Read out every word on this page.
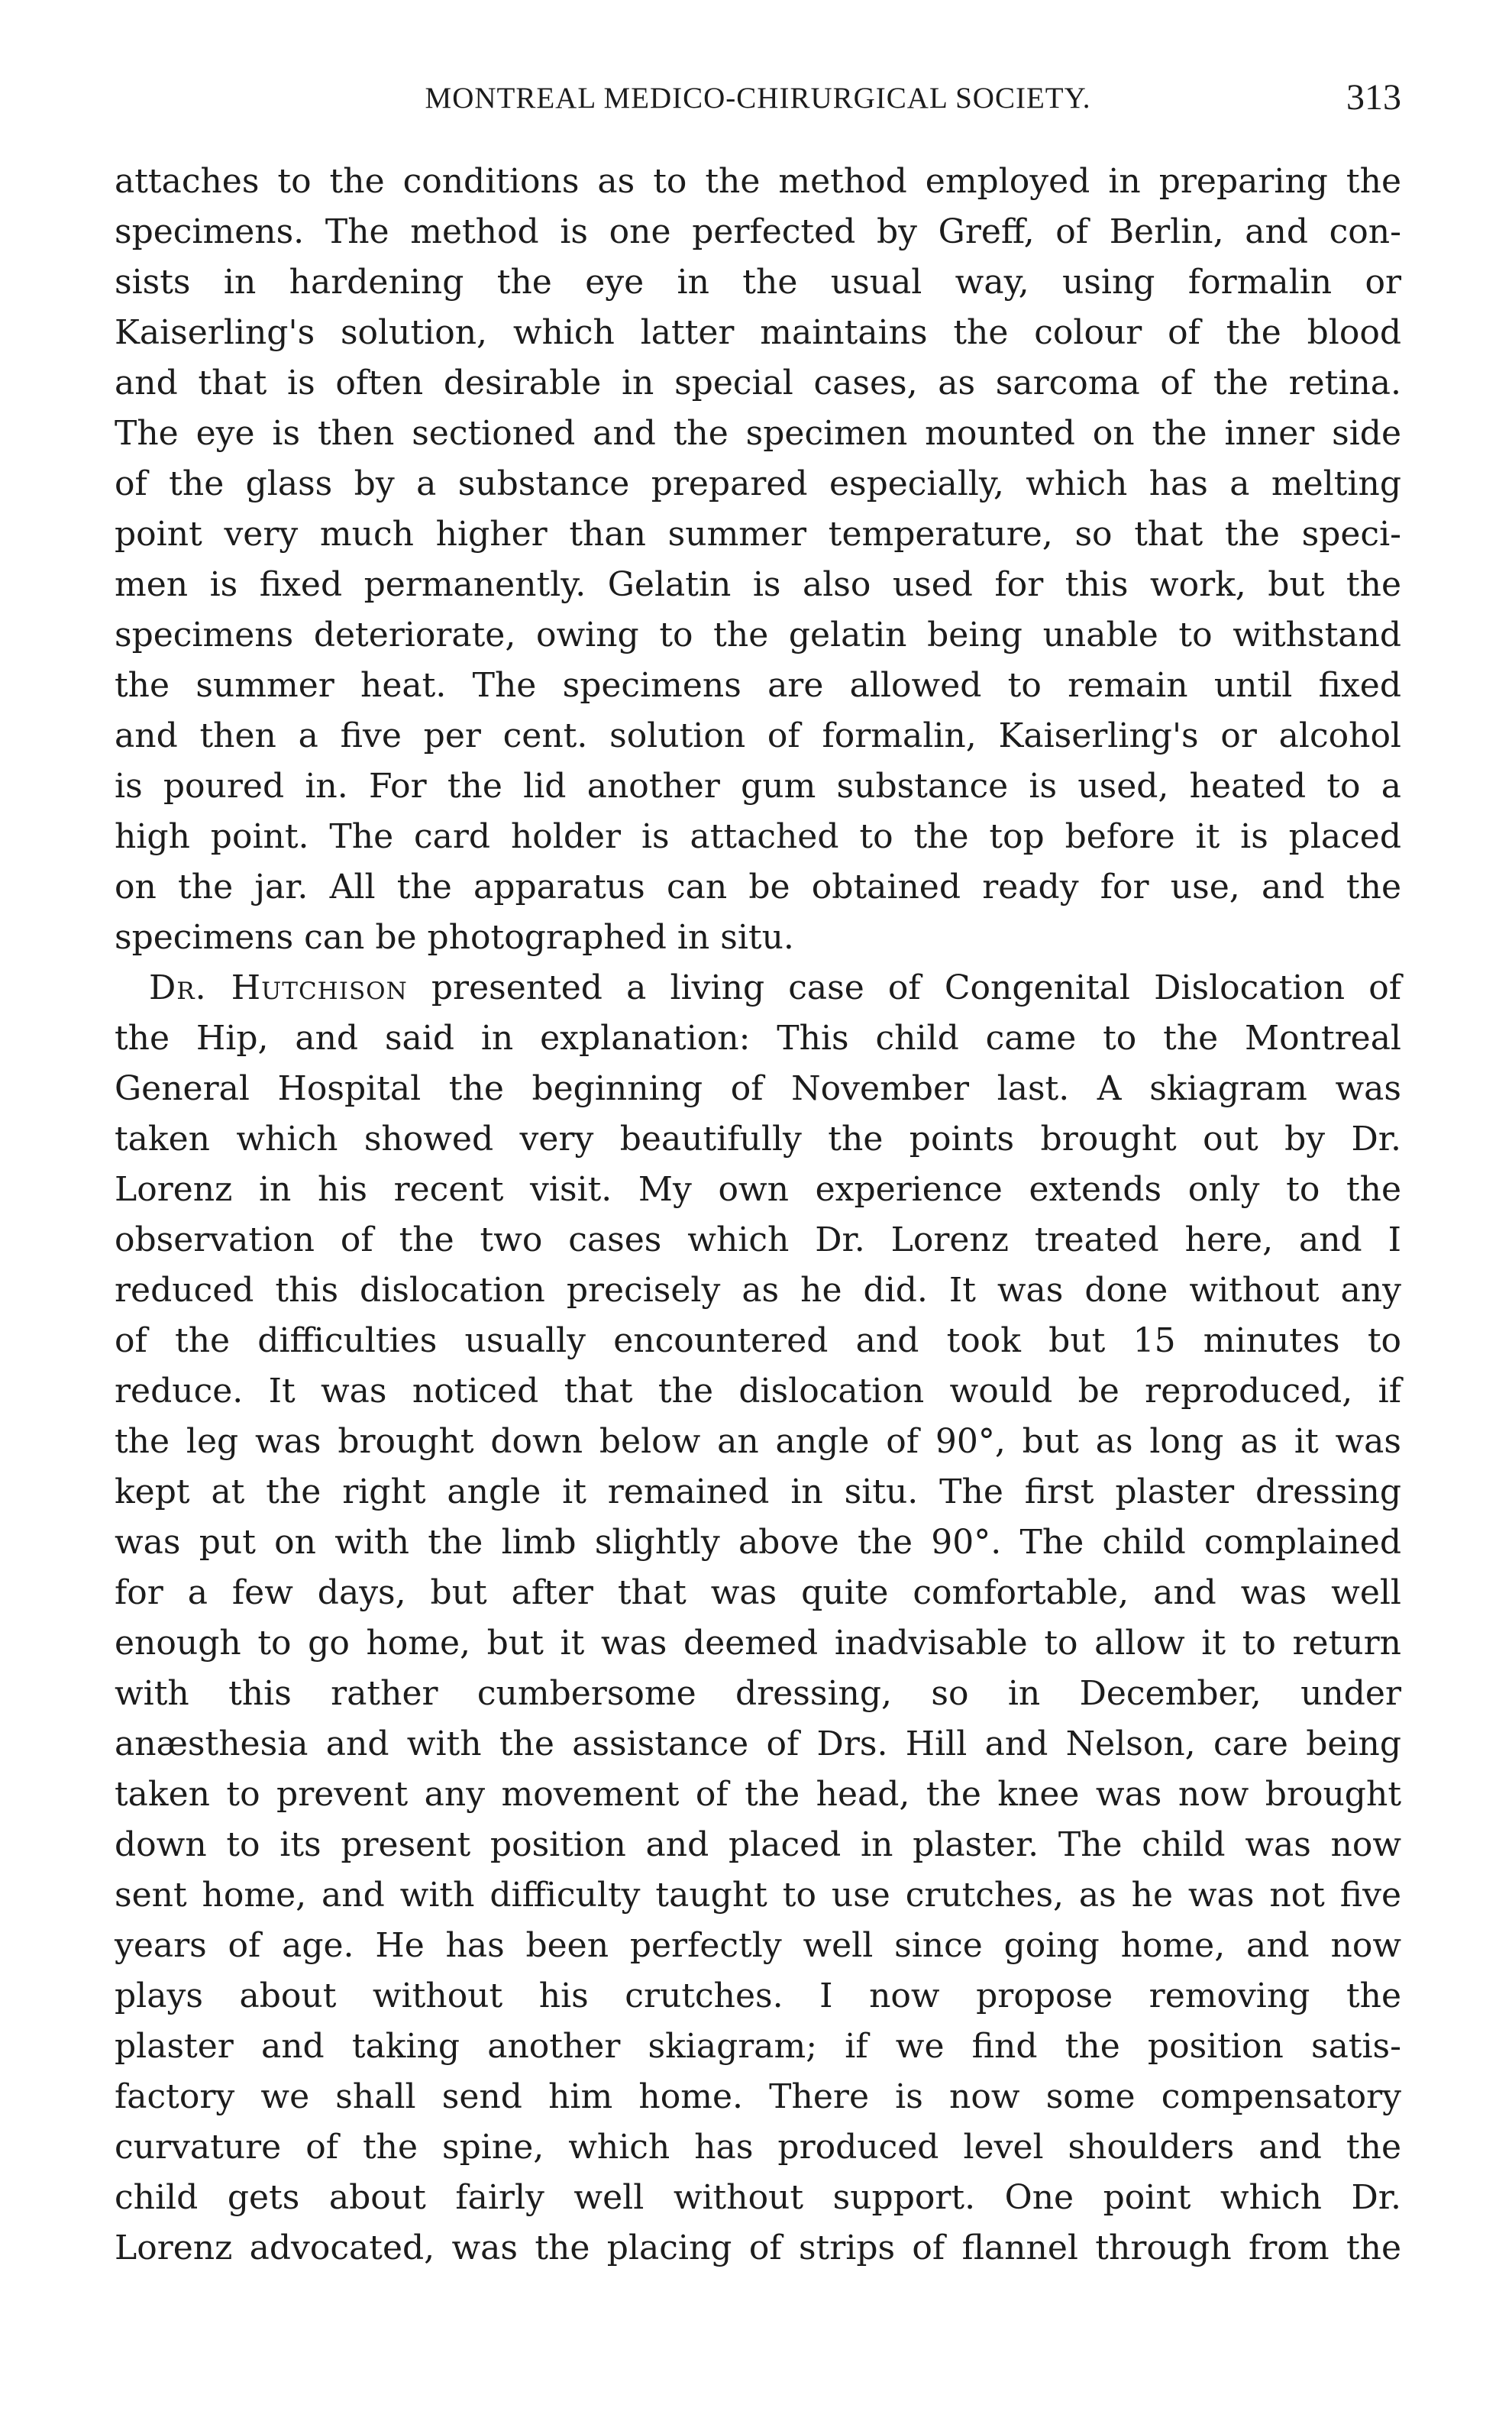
MONTREAL MEDICO-CHIRURGICAL SOCIETY.	313
attaches to the conditions as to the method employed in preparing the
specimens. The method is one perfected by Greff, of Berlin, and con-
sists in hardening the eye in the usual way, using formalin or
Kaiserling's solution, which latter maintains the colour of the blood
and that is often desirable in special cases, as sarcoma of the retina.
The eye is then sectioned and the specimen mounted on the inner side
of the glass by a substance prepared especially, which has a melting
point very much higher than summer temperature, so that the speci-
men is fixed permanently. Gelatin is also used for this work, but the
specimens deteriorate, owing to the gelatin being unable to withstand
the summer heat. The specimens are allowed to remain until fixed
and then a five per cent. solution of formalin, Kaiserling's or alcohol
is poured in. For the lid another gum substance is used, heated to a
high point. The card holder is attached to the top before it is placed
on the jar. All the apparatus can be obtained ready for use, and the
specimens can be photographed in situ.
Dr. Hutchison presented a living case of Congenital Dislocation of
the Hip, and said in explanation: This child came to the Montreal
General Hospital the beginning of November last. A skiagram was
taken which showed very beautifully the points brought out by Dr.
Lorenz in his recent visit. My own experience extends only to the
observation of the two cases which Dr. Lorenz treated here, and I
reduced this dislocation precisely as he did. It was done without any
of the difficulties usually encountered and took but 15 minutes to
reduce. It was noticed that the dislocation would be reproduced, if
the leg was brought down below an angle of 90°, but as long as it was
kept at the right angle it remained in situ. The first plaster dressing
was put on with the limb slightly above the 90°. The child complained
for a few days, but after that was quite comfortable, and was well
enough to go home, but it was deemed inadvisable to allow it to return
with this rather cumbersome dressing, so in December, under
anæsthesia and with the assistance of Drs. Hill and Nelson, care being
taken to prevent any movement of the head, the knee was now brought
down to its present position and placed in plaster. The child was now
sent home, and with difficulty taught to use crutches, as he was not five
years of age. He has been perfectly well since going home, and now
plays about without his crutches. I now propose removing the
plaster and taking another skiagram; if we find the position satis-
factory we shall send him home. There is now some compensatory
curvature of the spine, which has produced level shoulders and the
child gets about fairly well without support. One point which Dr.
Lorenz advocated, was the placing of strips of flannel through from the
